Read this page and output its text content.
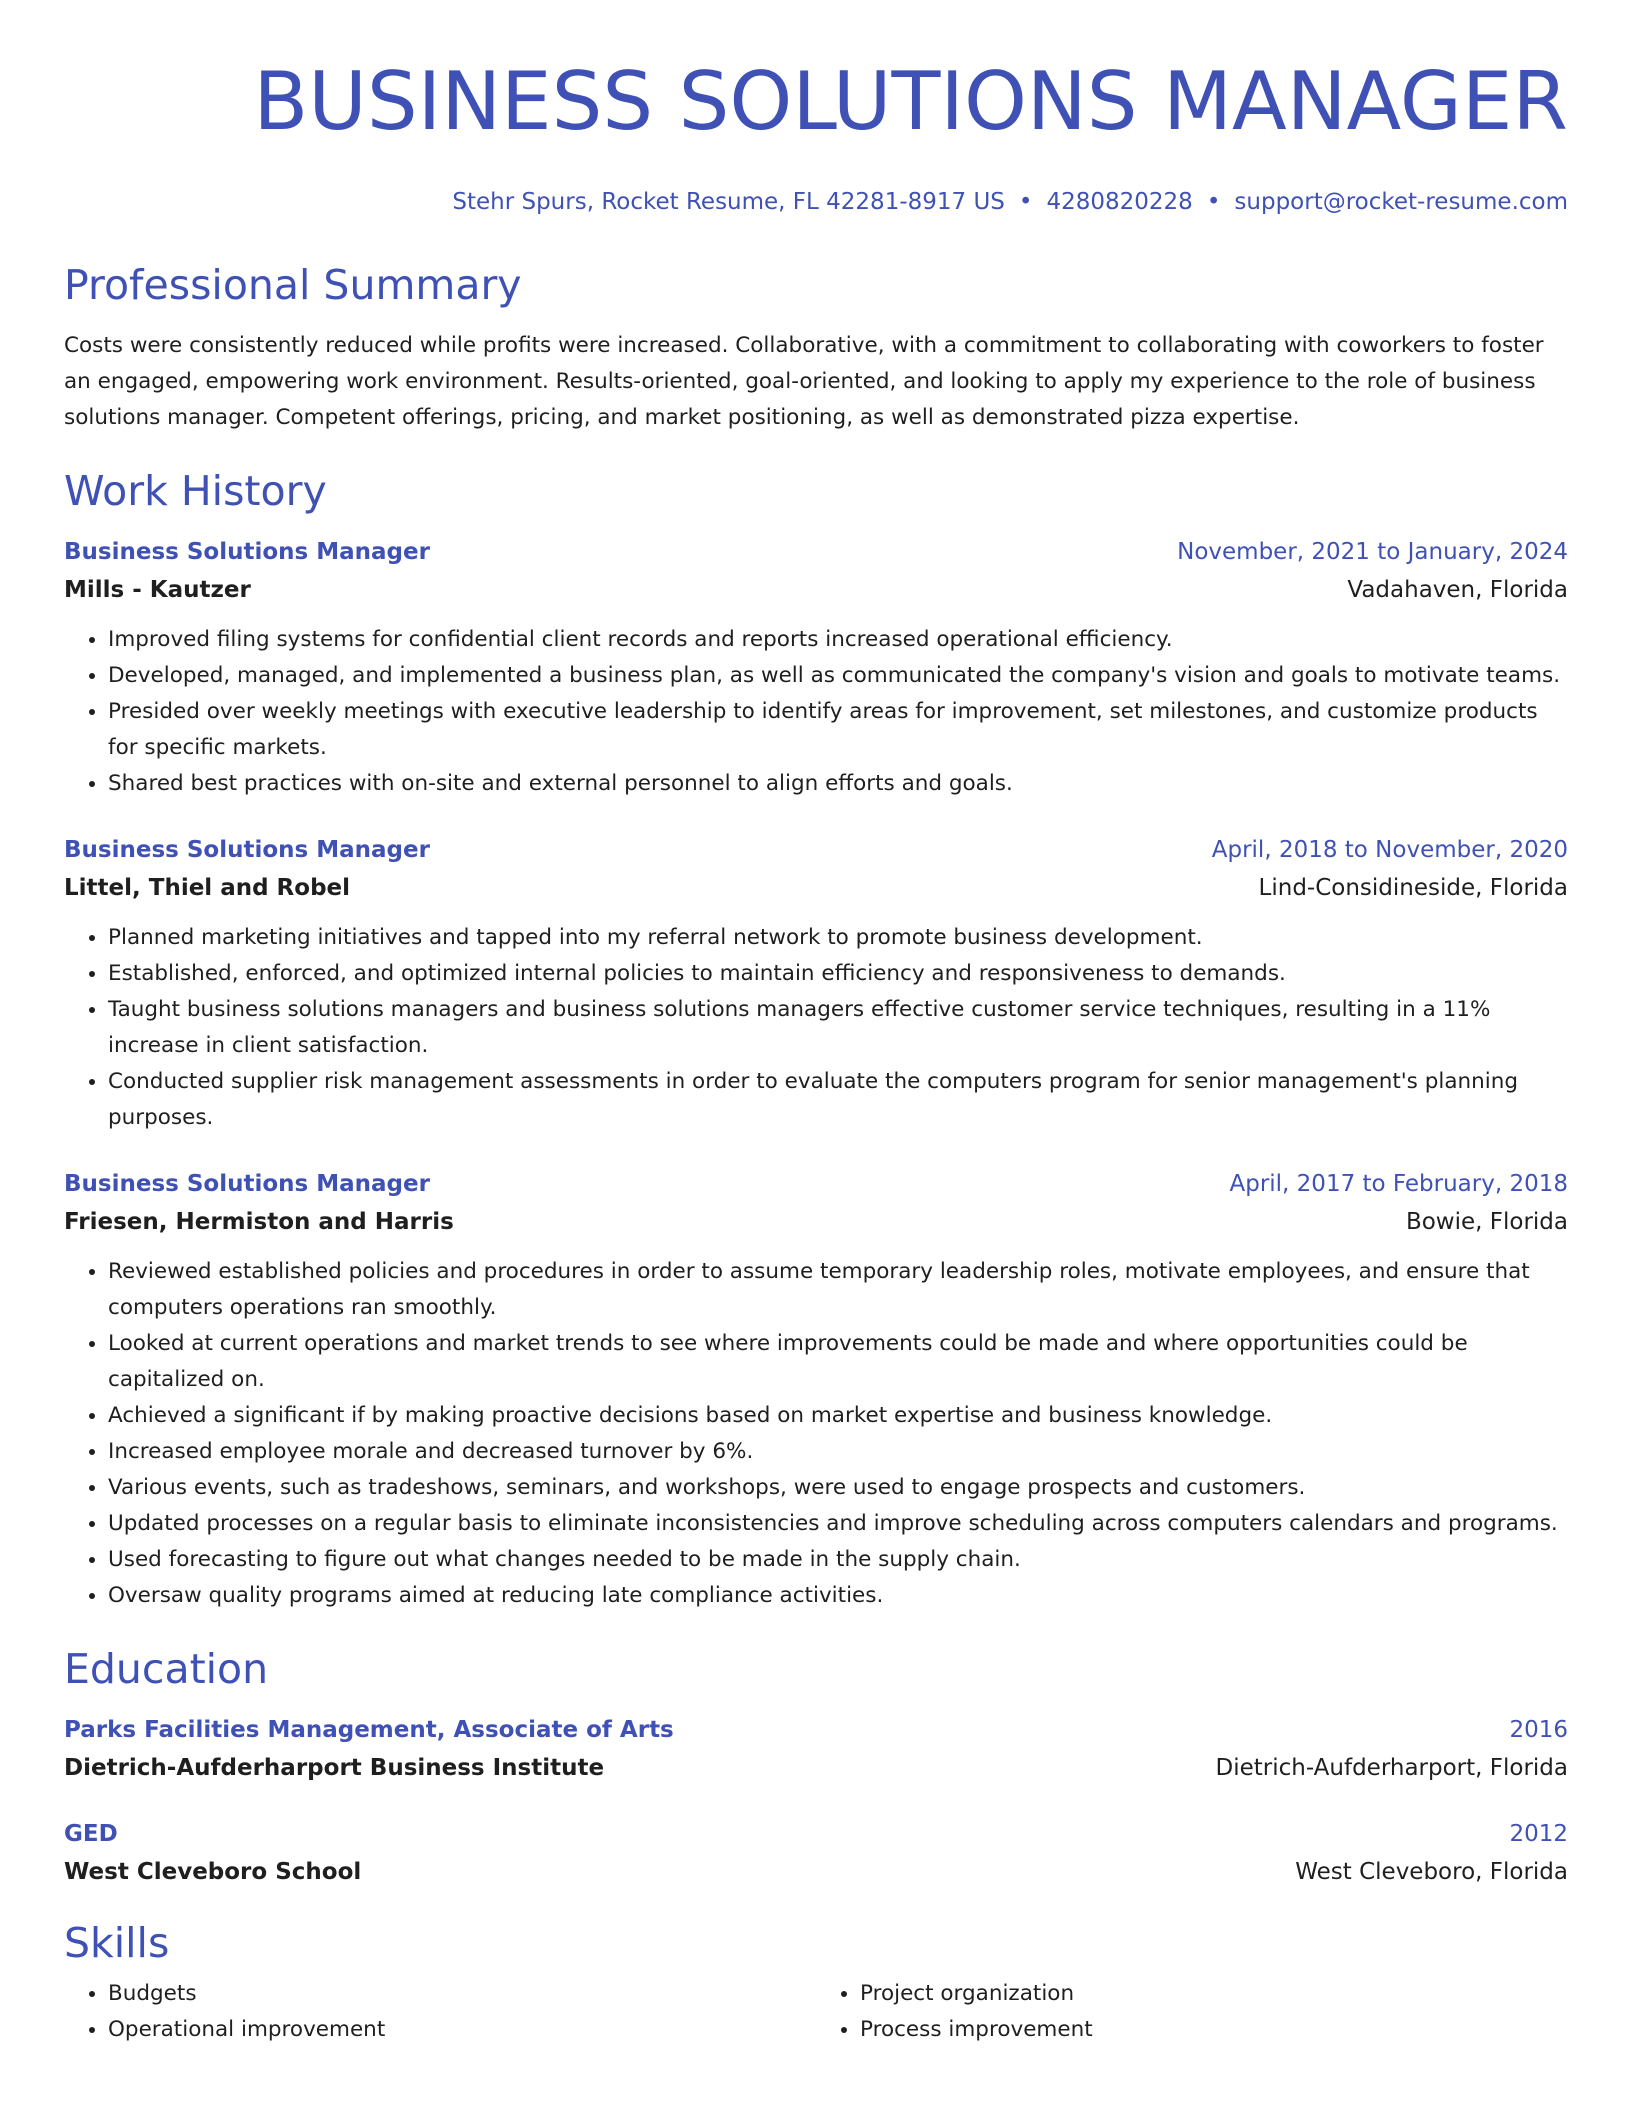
BUSINESS SOLUTIONS MANAGER
Stehr Spurs, Rocket Resume, FL 42281-8917 US • 4280820228 • support@rocket-resume.com
Professional Summary
Costs were consistently reduced while profits were increased. Collaborative, with a commitment to collaborating with coworkers to foster an engaged, empowering work environment. Results-oriented, goal-oriented, and looking to apply my experience to the role of business solutions manager. Competent offerings, pricing, and market positioning, as well as demonstrated pizza expertise.
Work History
Business Solutions Manager	November, 2021 to January, 2024
Mills - Kautzer	Vadahaven, Florida
• Improved filing systems for confidential client records and reports increased operational efficiency.
• Developed, managed, and implemented a business plan, as well as communicated the company's vision and goals to motivate teams.
• Presided over weekly meetings with executive leadership to identify areas for improvement, set milestones, and customize products for specific markets.
• Shared best practices with on-site and external personnel to align efforts and goals.
Business Solutions Manager	April, 2018 to November, 2020
Littel, Thiel and Robel	Lind-Considineside, Florida
• Planned marketing initiatives and tapped into my referral network to promote business development.
• Established, enforced, and optimized internal policies to maintain efficiency and responsiveness to demands.
• Taught business solutions managers and business solutions managers effective customer service techniques, resulting in a 11% increase in client satisfaction.
• Conducted supplier risk management assessments in order to evaluate the computers program for senior management's planning purposes.
Business Solutions Manager	April, 2017 to February, 2018
Friesen, Hermiston and Harris	Bowie, Florida
• Reviewed established policies and procedures in order to assume temporary leadership roles, motivate employees, and ensure that computers operations ran smoothly.
• Looked at current operations and market trends to see where improvements could be made and where opportunities could be capitalized on.
• Achieved a significant if by making proactive decisions based on market expertise and business knowledge.
• Increased employee morale and decreased turnover by 6%.
• Various events, such as tradeshows, seminars, and workshops, were used to engage prospects and customers.
• Updated processes on a regular basis to eliminate inconsistencies and improve scheduling across computers calendars and programs.
• Used forecasting to figure out what changes needed to be made in the supply chain.
• Oversaw quality programs aimed at reducing late compliance activities.
Education
Parks Facilities Management, Associate of Arts	2016
Dietrich-Aufderharport Business Institute	Dietrich-Aufderharport, Florida
GED	2012
West Cleveboro School	West Cleveboro, Florida
Skills
• Budgets
• Operational improvement
• Project organization
• Process improvement
